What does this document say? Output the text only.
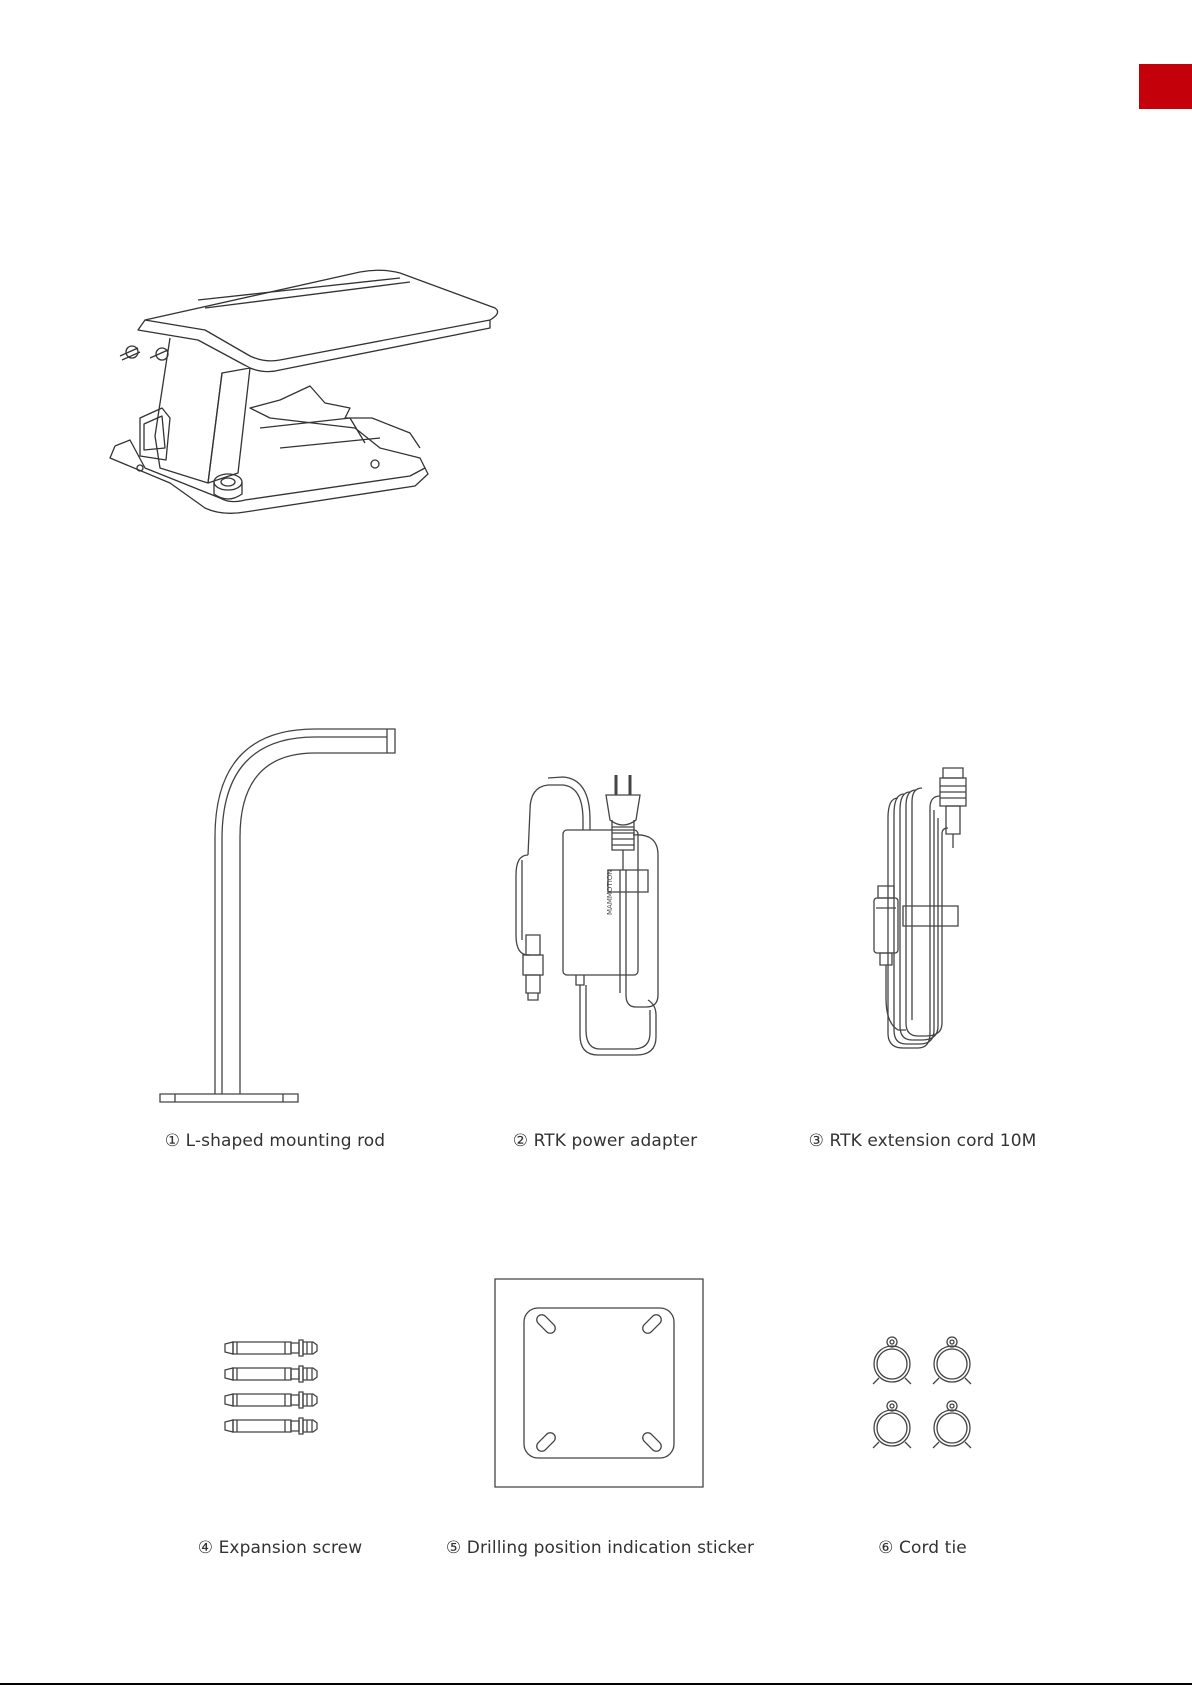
MAMMOTION
① L-shaped mounting rod	② RTK power adapter	③ RTK extension cord 10M
④ Expansion screw	⑤ Drilling position indication sticker	⑥ Cord tie
